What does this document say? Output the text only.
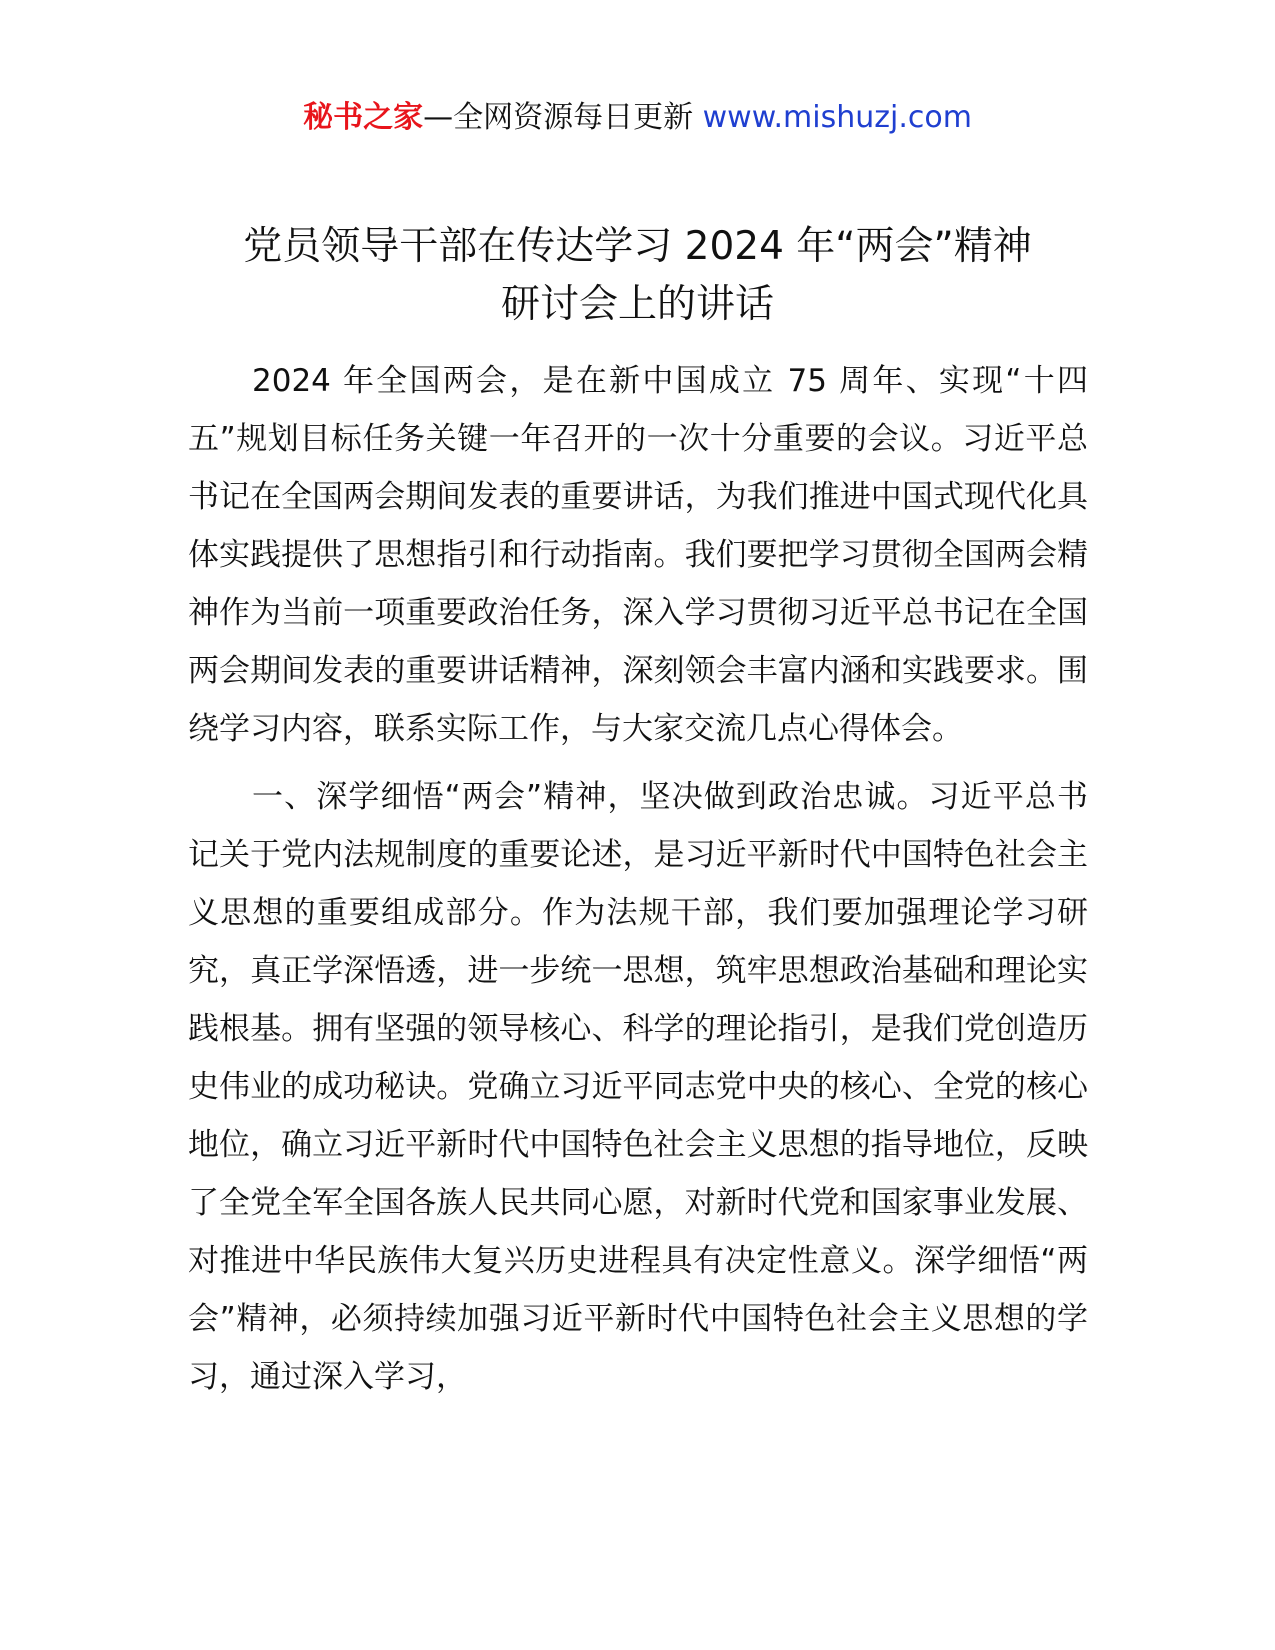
秘书之家—全网资源每日更新 www.mishuzj.com
党员领导干部在传达学习 2024 年“两会”精神
研讨会上的讲话

2024 年全国两会，是在新中国成立 75 周年、实现“十四五”规划目标任务关键一年召开的一次十分重要的会议。习近平总书记在全国两会期间发表的重要讲话，为我们推进中国式现代化具体实践提供了思想指引和行动指南。我们要把学习贯彻全国两会精神作为当前一项重要政治任务，深入学习贯彻习近平总书记在全国两会期间发表的重要讲话精神，深刻领会丰富内涵和实践要求。围绕学习内容，联系实际工作，与大家交流几点心得体会。

一、深学细悟“两会”精神，坚决做到政治忠诚。习近平总书记关于党内法规制度的重要论述，是习近平新时代中国特色社会主义思想的重要组成部分。作为法规干部，我们要加强理论学习研究，真正学深悟透，进一步统一思想，筑牢思想政治基础和理论实践根基。拥有坚强的领导核心、科学的理论指引，是我们党创造历史伟业的成功秘诀。党确立习近平同志党中央的核心、全党的核心地位，确立习近平新时代中国特色社会主义思想的指导地位，反映了全党全军全国各族人民共同心愿，对新时代党和国家事业发展、对推进中华民族伟大复兴历史进程具有决定性意义。深学细悟“两会”精神，必须持续加强习近平新时代中国特色社会主义思想的学习，通过深入学习，
